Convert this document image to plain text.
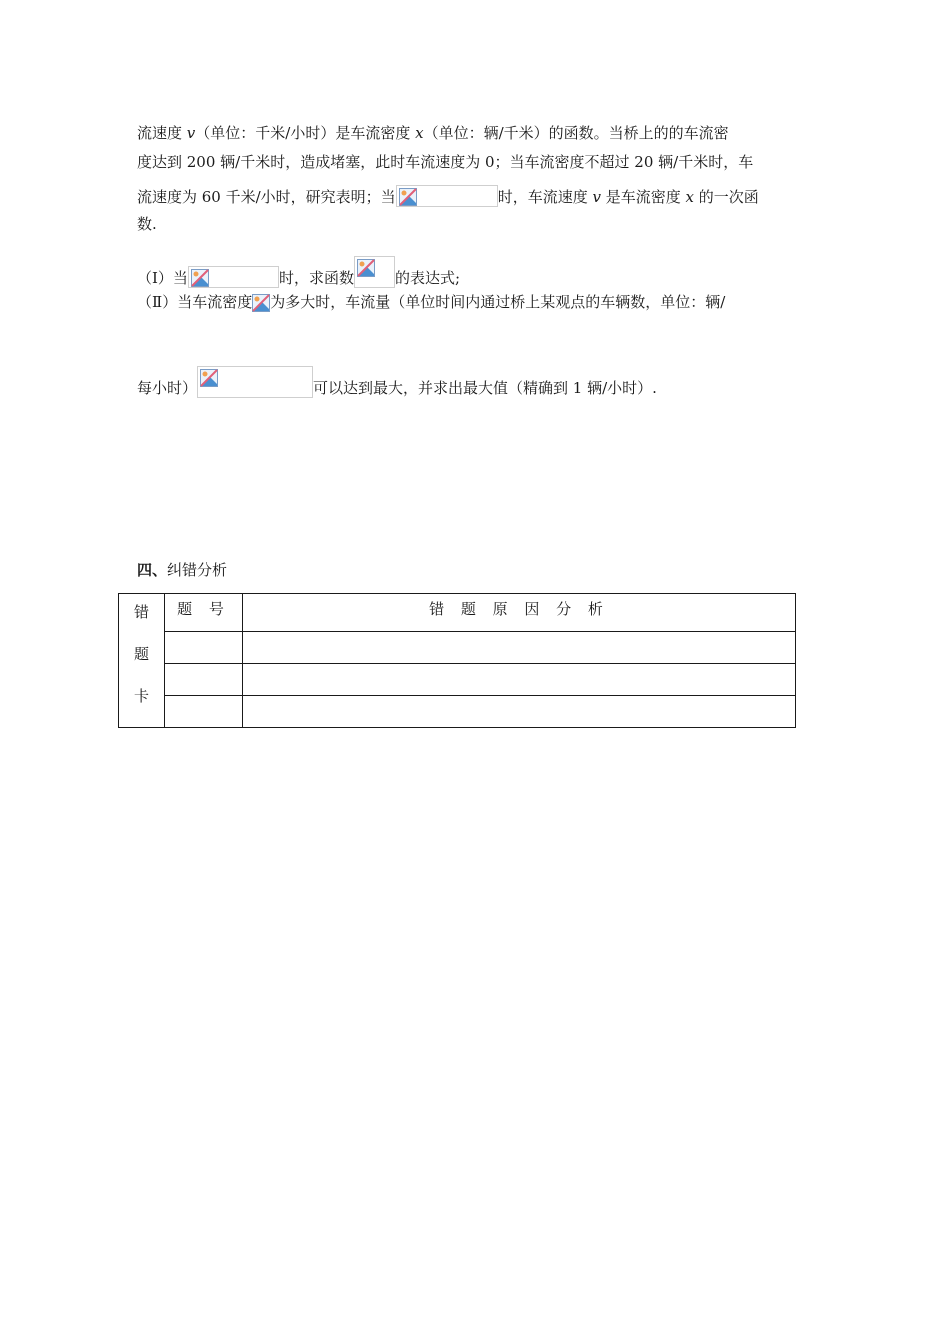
流速度 v（单位：千米/小时）是车流密度 x（单位：辆/千米）的函数。当桥上的的车流密
度达到 200 辆/千米时，造成堵塞，此时车流速度为 0；当车流密度不超过 20 辆/千米时，车
流速度为 60 千米/小时，研究表明；当	时，车流速度 v 是车流密度 x 的一次函
数.
（Ⅰ）当	时，求函数	的表达式;
（Ⅱ）当车流密度 为多大时，车流量（单位时间内通过桥上某观点的车辆数，单位：辆/
每小时）	可以达到最大，并求出最大值（精确到 1 辆/小时）.
四、纠错分析
错
题
卡	题 号	错 题 原 因 分 析
